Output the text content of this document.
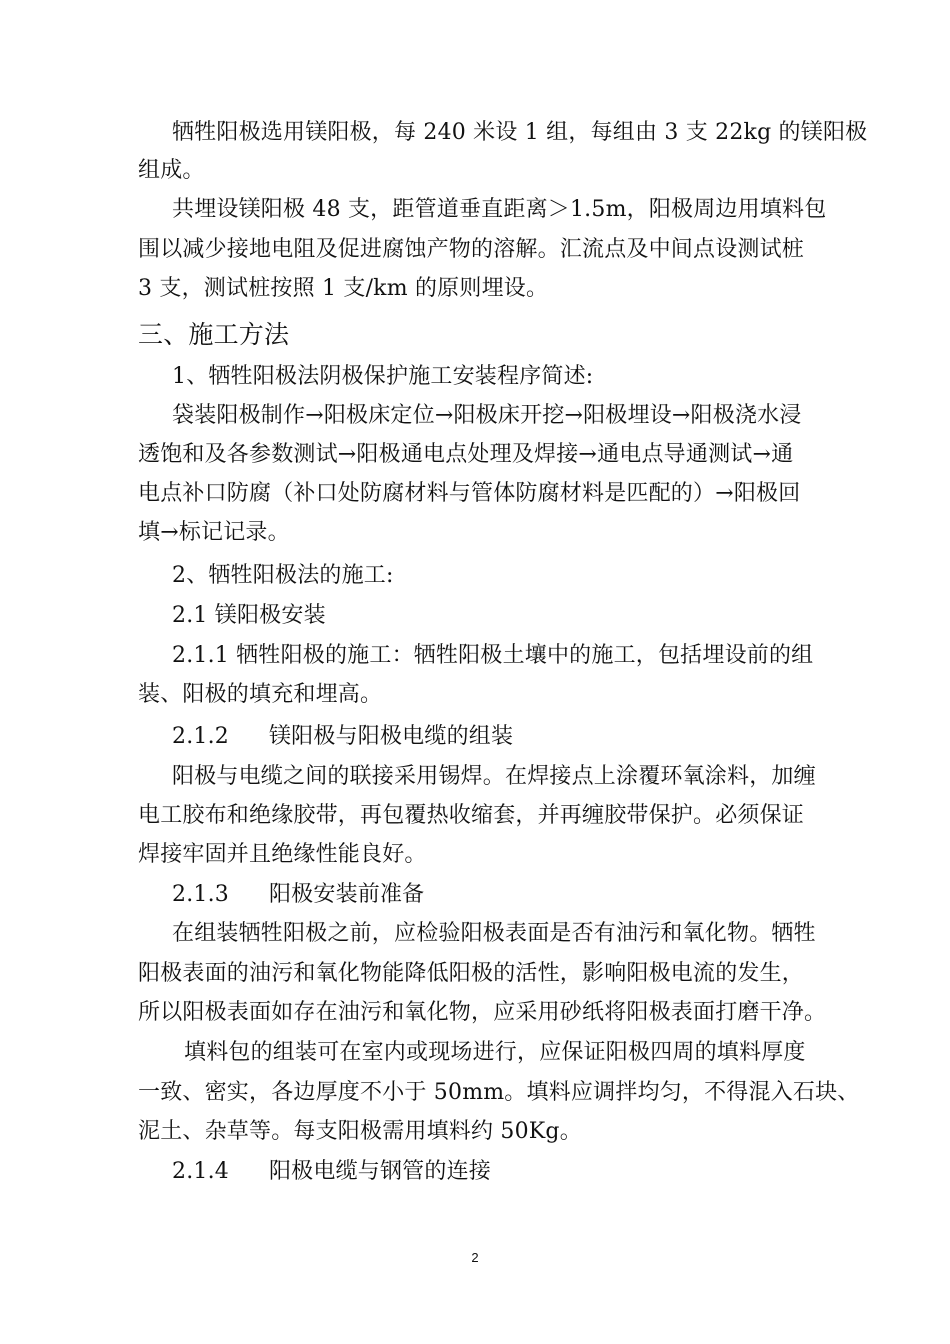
牺牲阳极选用镁阳极，每 240 米设 1 组，每组由 3 支 22kg 的镁阳极
组成。
共埋设镁阳极 48 支，距管道垂直距离＞1.5m，阳极周边用填料包
围以减少接地电阻及促进腐蚀产物的溶解。汇流点及中间点设测试桩
3 支，测试桩按照 1 支/km 的原则埋设。
三、施工方法
1、牺牲阳极法阴极保护施工安装程序简述:
袋装阳极制作→阳极床定位→阳极床开挖→阳极埋设→阳极浇水浸
透饱和及各参数测试→阳极通电点处理及焊接→通电点导通测试→通
电点补口防腐（补口处防腐材料与管体防腐材料是匹配的）→阳极回
填→标记记录。
2、牺牲阳极法的施工:
2.1 镁阳极安装
2.1.1 牺牲阳极的施工：牺牲阳极土壤中的施工，包括埋设前的组
装、阳极的填充和埋高。
2.1.2 镁阳极与阳极电缆的组装
阳极与电缆之间的联接采用锡焊。在焊接点上涂覆环氧涂料，加缠
电工胶布和绝缘胶带，再包覆热收缩套，并再缠胶带保护。必须保证
焊接牢固并且绝缘性能良好。
2.1.3 阳极安装前准备
在组装牺牲阳极之前，应检验阳极表面是否有油污和氧化物。牺牲
阳极表面的油污和氧化物能降低阳极的活性，影响阳极电流的发生，
所以阳极表面如存在油污和氧化物，应采用砂纸将阳极表面打磨干净。
填料包的组装可在室内或现场进行，应保证阳极四周的填料厚度
一致、密实，各边厚度不小于 50mm。填料应调拌均匀，不得混入石块、
泥土、杂草等。每支阳极需用填料约 50Kg。
2.1.4 阳极电缆与钢管的连接
2
